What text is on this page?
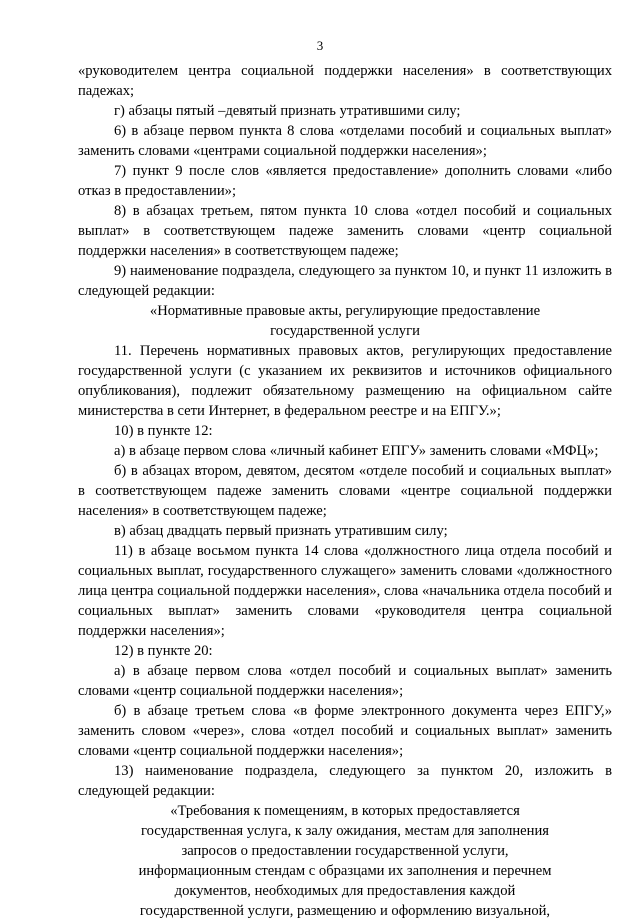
3

«руководителем центра социальной поддержки населения» в соответствующих падежах;

г) абзацы пятый –девятый признать утратившими силу;

6) в абзаце первом пункта 8 слова «отделами пособий и социальных выплат» заменить словами «центрами социальной поддержки населения»;

7) пункт 9 после слов «является предоставление» дополнить словами «либо отказ в предоставлении»;

8) в абзацах третьем, пятом пункта 10 слова «отдел пособий и социальных выплат» в соответствующем падеже заменить словами «центр социальной поддержки населения» в соответствующем падеже;

9) наименование подраздела, следующего за пунктом 10, и пункт 11 изложить в следующей редакции:

«Нормативные правовые акты, регулирующие предоставление государственной услуги

11. Перечень нормативных правовых актов, регулирующих предоставление государственной услуги (с указанием их реквизитов и источников официального опубликования), подлежит обязательному размещению на официальном сайте министерства в сети Интернет, в федеральном реестре и на ЕПГУ.»;

10) в пункте 12:

а) в абзаце первом слова «личный кабинет ЕПГУ» заменить словами «МФЦ»;

б) в абзацах втором, девятом, десятом «отделе пособий и социальных выплат» в соответствующем падеже заменить словами «центре социальной поддержки населения» в соответствующем падеже;

в) абзац двадцать первый признать утратившим силу;

11) в абзаце восьмом пункта 14 слова «должностного лица отдела пособий и социальных выплат, государственного служащего» заменить словами «должностного лица центра социальной поддержки населения», слова «начальника отдела пособий и социальных выплат» заменить словами «руководителя центра социальной поддержки населения»;

12) в пункте 20:

а) в абзаце первом слова «отдел пособий и социальных выплат» заменить словами «центр социальной поддержки населения»;

б) в абзаце третьем слова «в форме электронного документа через ЕПГУ,» заменить словом «через», слова «отдел пособий и социальных выплат» заменить словами «центр социальной поддержки населения»;

13) наименование подраздела, следующего за пунктом 20, изложить в следующей редакции:

«Требования к помещениям, в которых предоставляется государственная услуга, к залу ожидания, местам для заполнения запросов о предоставлении государственной услуги, информационным стендам с образцами их заполнения и перечнем документов, необходимых для предоставления каждой государственной услуги, размещению и оформлению визуальной,
